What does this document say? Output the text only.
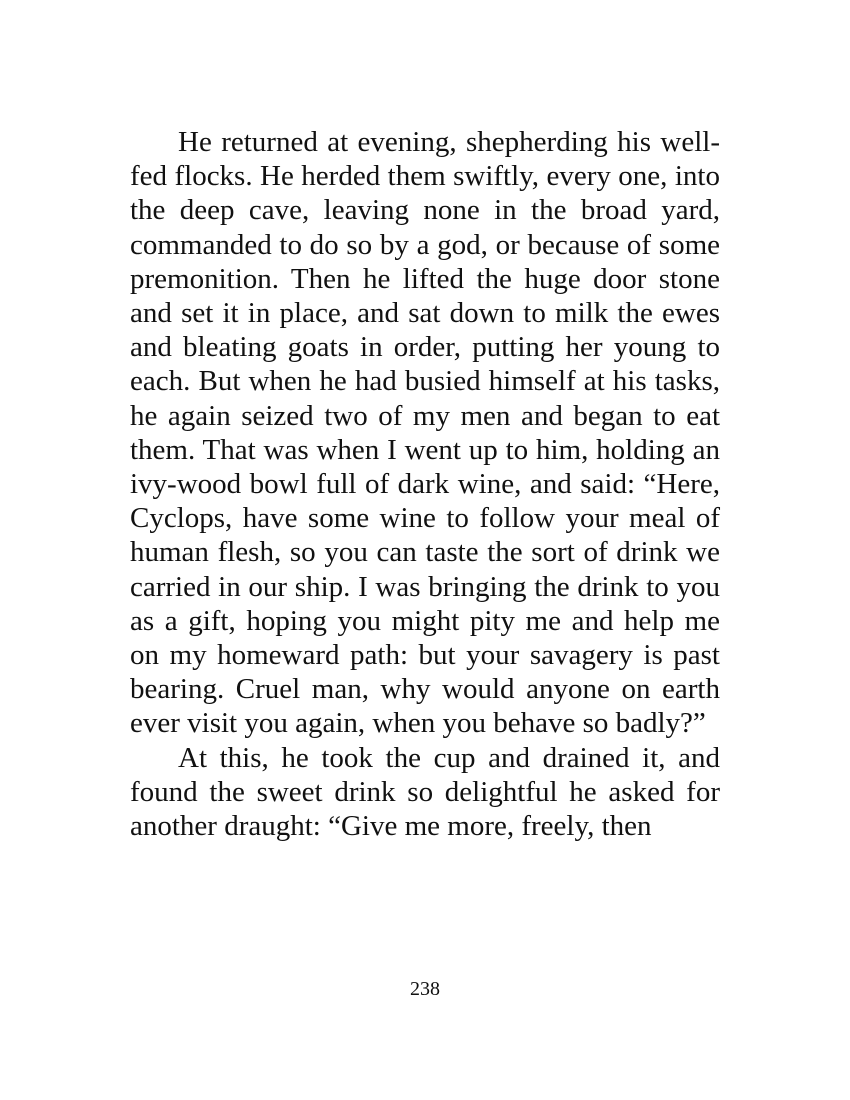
He returned at evening, shepherding his well-fed flocks. He herded them swiftly, every one, into the deep cave, leaving none in the broad yard, commanded to do so by a god, or because of some premonition. Then he lifted the huge door stone and set it in place, and sat down to milk the ewes and bleating goats in order, putting her young to each. But when he had busied himself at his tasks, he again seized two of my men and began to eat them. That was when I went up to him, holding an ivy-wood bowl full of dark wine, and said: “Here, Cyclops, have some wine to follow your meal of human flesh, so you can taste the sort of drink we carried in our ship. I was bringing the drink to you as a gift, hoping you might pity me and help me on my homeward path: but your savagery is past bearing. Cruel man, why would anyone on earth ever visit you again, when you behave so badly?”

At this, he took the cup and drained it, and found the sweet drink so delightful he asked for another draught: “Give me more, freely, then

238
